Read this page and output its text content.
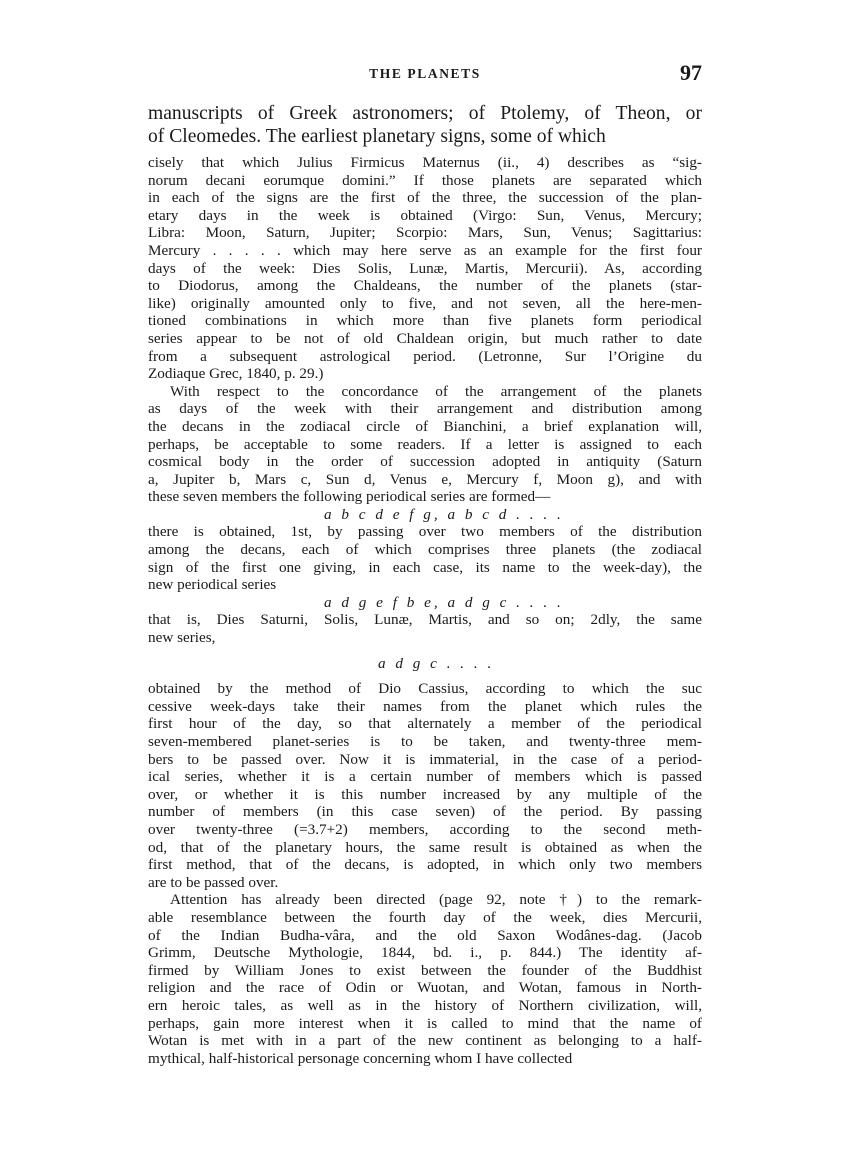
THE PLANETS	97
manuscripts of Greek astronomers; of Ptolemy, of Theon, or
of Cleomedes. The earliest planetary signs, some of which
cisely that which Julius Firmicus Maternus (ii., 4) describes as “sig-
norum decani eorumque domini.” If those planets are separated which
in each of the signs are the first of the three, the succession of the plan-
etary days in the week is obtained (Virgo: Sun, Venus, Mercury;
Libra: Moon, Saturn, Jupiter; Scorpio: Mars, Sun, Venus; Sagittarius:
Mercury . . . . . which may here serve as an example for the first four
days of the week: Dies Solis, Lunæ, Martis, Mercurii). As, according
to Diodorus, among the Chaldeans, the number of the planets (star-
like) originally amounted only to five, and not seven, all the here-men-
tioned combinations in which more than five planets form periodical
series appear to be not of old Chaldean origin, but much rather to date
from a subsequent astrological period. (Letronne, Sur l’Origine du
Zodiaque Grec, 1840, p. 29.)
With respect to the concordance of the arrangement of the planets
as days of the week with their arrangement and distribution among
the decans in the zodiacal circle of Bianchini, a brief explanation will,
perhaps, be acceptable to some readers. If a letter is assigned to each
cosmical body in the order of succession adopted in antiquity (Saturn
a, Jupiter b, Mars c, Sun d, Venus e, Mercury f, Moon g), and with
these seven members the following periodical series are formed—
a b c d e f g, a b c d . . . .
there is obtained, 1st, by passing over two members of the distribution
among the decans, each of which comprises three planets (the zodiacal
sign of the first one giving, in each case, its name to the week-day), the
new periodical series
a d g e f b e, a d g c . . . .
that is, Dies Saturni, Solis, Lunæ, Martis, and so on; 2dly, the same
new series,
a d g c . . . .
obtained by the method of Dio Cassius, according to which the suc
cessive week-days take their names from the planet which rules the
first hour of the day, so that alternately a member of the periodical
seven-membered planet-series is to be taken, and twenty-three mem-
bers to be passed over. Now it is immaterial, in the case of a period-
ical series, whether it is a certain number of members which is passed
over, or whether it is this number increased by any multiple of the
number of members (in this case seven) of the period. By passing
over twenty-three (=3.7+2) members, according to the second meth-
od, that of the planetary hours, the same result is obtained as when the
first method, that of the decans, is adopted, in which only two members
are to be passed over.
Attention has already been directed (page 92, note †) to the remark-
able resemblance between the fourth day of the week, dies Mercurii,
of the Indian Budha-vâra, and the old Saxon Wodânes-dag. (Jacob
Grimm, Deutsche Mythologie, 1844, bd. i., p. 844.) The identity af-
firmed by William Jones to exist between the founder of the Buddhist
religion and the race of Odin or Wuotan, and Wotan, famous in North-
ern heroic tales, as well as in the history of Northern civilization, will,
perhaps, gain more interest when it is called to mind that the name of
Wotan is met with in a part of the new continent as belonging to a half-
mythical, half-historical personage concerning whom I have collected
